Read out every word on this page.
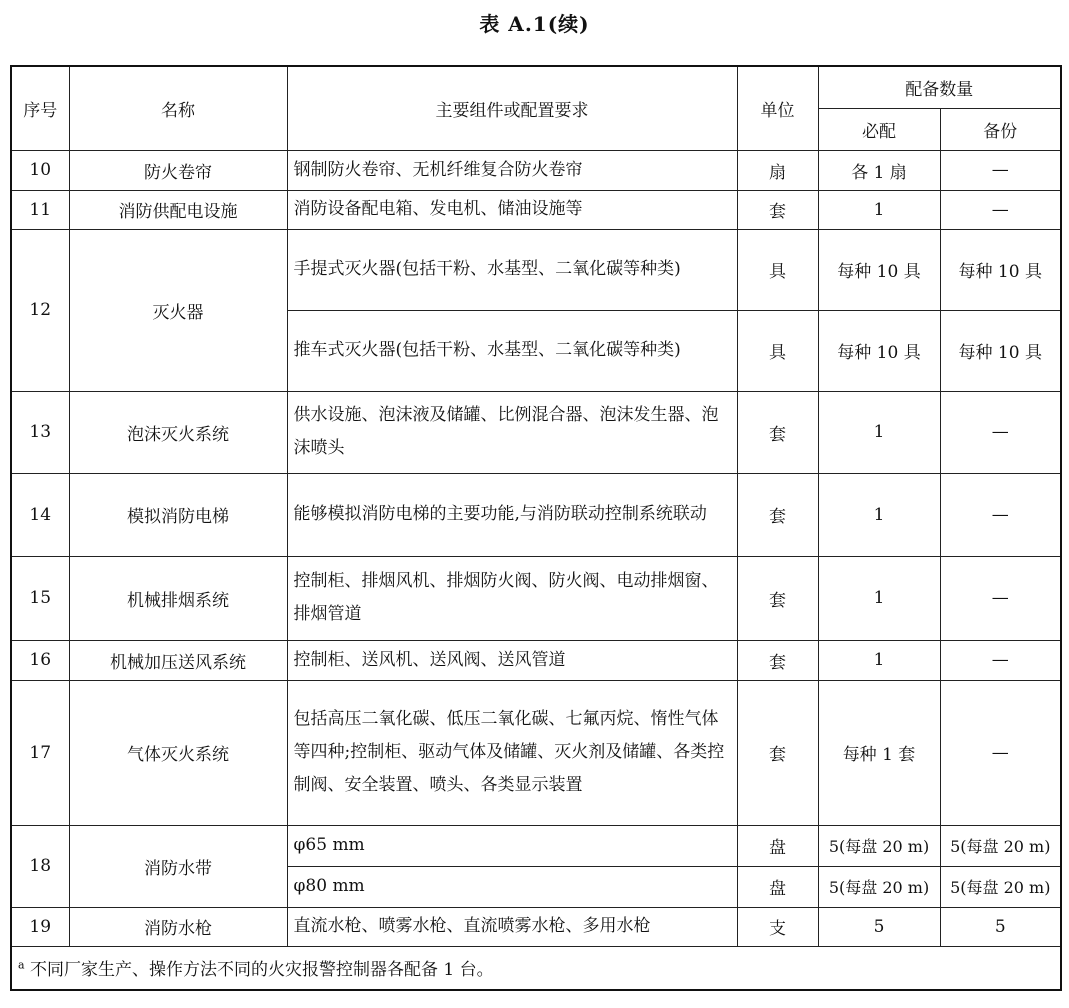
表 A.1(续)
序号	名称	主要组件或配置要求	单位	配备数量	
				必配	备份
10	防火卷帘	钢制防火卷帘、无机纤维复合防火卷帘	扇	各 1 扇	—
11	消防供配电设施	消防设备配电箱、发电机、储油设施等	套	1	—
12	灭火器	手提式灭火器(包括干粉、水基型、二氧化碳等种类)	具	每种 10 具	每种 10 具
		推车式灭火器(包括干粉、水基型、二氧化碳等种类)	具	每种 10 具	每种 10 具
13	泡沫灭火系统	供水设施、泡沫液及储罐、比例混合器、泡沫发生器、泡沫喷头	套	1	—
14	模拟消防电梯	能够模拟消防电梯的主要功能,与消防联动控制系统联动	套	1	—
15	机械排烟系统	控制柜、排烟风机、排烟防火阀、防火阀、电动排烟窗、排烟管道	套	1	—
16	机械加压送风系统	控制柜、送风机、送风阀、送风管道	套	1	—
17	气体灭火系统	包括高压二氧化碳、低压二氧化碳、七氟丙烷、惰性气体等四种;控制柜、驱动气体及储罐、灭火剂及储罐、各类控制阀、安全装置、喷头、各类显示装置	套	每种 1 套	—
18	消防水带	φ65 mm	盘	5(每盘 20 m)	5(每盘 20 m)
		φ80 mm	盘	5(每盘 20 m)	5(每盘 20 m)
19	消防水枪	直流水枪、喷雾水枪、直流喷雾水枪、多用水枪	支	5	5
$^a$ 不同厂家生产、操作方法不同的火灾报警控制器各配备 1 台。					
